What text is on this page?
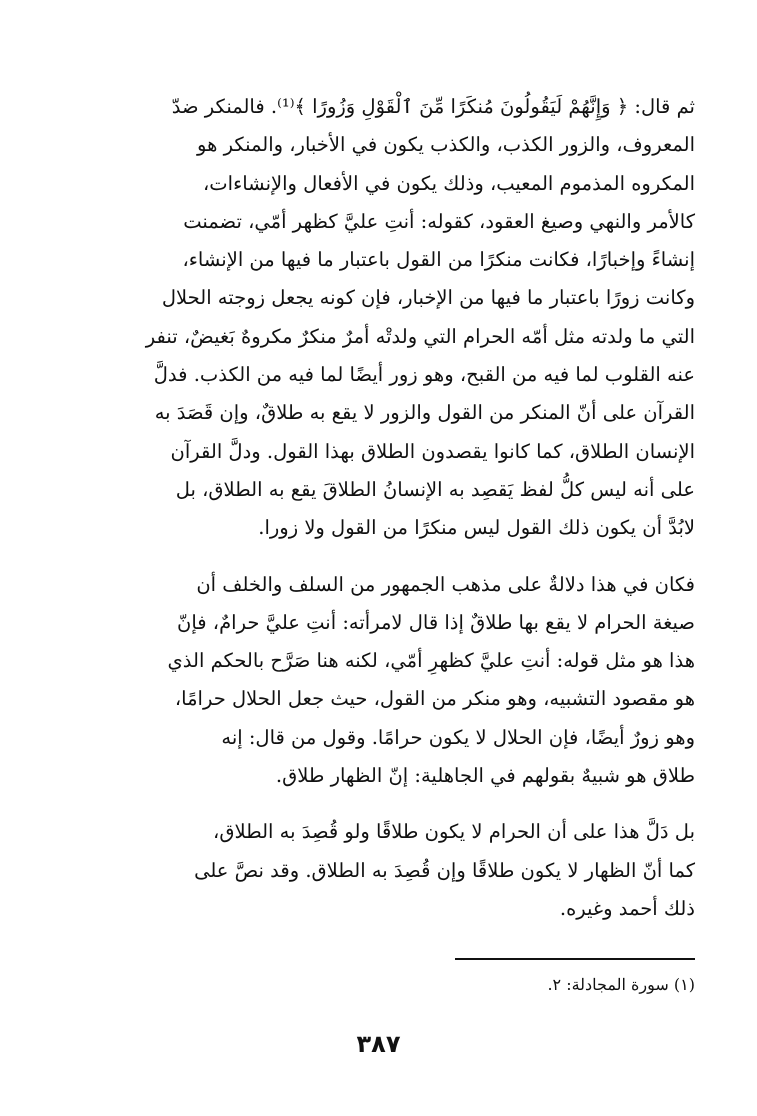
ثم قال: ﴿ وَإِنَّهُمْ لَيَقُولُونَ مُنكَرًا مِّنَ ٱلْقَوْلِ وَزُورًا ﴾⁽¹⁾. فالمنكر ضدّ

المعروف، والزور الكذب، والكذب يكون في الأخبار، والمنكر هو

المكروه المذموم المعيب، وذلك يكون في الأفعال والإنشاءات،

كالأمر والنهي وصيغ العقود، كقوله: أنتِ عليَّ كظهر أمّي، تضمنت

إنشاءً وإخبارًا، فكانت منكرًا من القول باعتبار ما فيها من الإنشاء،

وكانت زورًا باعتبار ما فيها من الإخبار، فإن كونه يجعل زوجته الحلال

التي ما ولدته مثل أمّه الحرام التي ولدتْه أمرٌ منكرٌ مكروهٌ بَغيضٌ، تنفر

عنه القلوب لما فيه من القبح، وهو زور أيضًا لما فيه من الكذب. فدلَّ

القرآن على أنّ المنكر من القول والزور لا يقع به طلاقٌ، وإن قَصَدَ به

الإنسان الطلاق، كما كانوا يقصدون الطلاق بهذا القول. ودلَّ القرآن

على أنه ليس كلُّ لفظ يَقصِد به الإنسانُ الطلاقَ يقع به الطلاق، بل

لابُدَّ أن يكون ذلك القول ليس منكرًا من القول ولا زورا.

فكان في هذا دلالةٌ على مذهب الجمهور من السلف والخلف أن

صيغة الحرام لا يقع بها طلاقٌ إذا قال لامرأته: أنتِ عليَّ حرامٌ، فإنّ

هذا هو مثل قوله: أنتِ عليَّ كظهرِ أمّي، لكنه هنا صَرَّح بالحكم الذي

هو مقصود التشبيه، وهو منكر من القول، حيث جعل الحلال حرامًا،

وهو زورٌ أيضًا، فإن الحلال لا يكون حرامًا. وقول من قال: إنه

طلاق هو شبيهٌ بقولهم في الجاهلية: إنّ الظهار طلاق.

بل دَلَّ هذا على أن الحرام لا يكون طلاقًا ولو قُصِدَ به الطلاق،

كما أنّ الظهار لا يكون طلاقًا وإن قُصِدَ به الطلاق. وقد نصَّ على

ذلك أحمد وغيره.

(١) سورة المجادلة: ٢.
٣٨٧
